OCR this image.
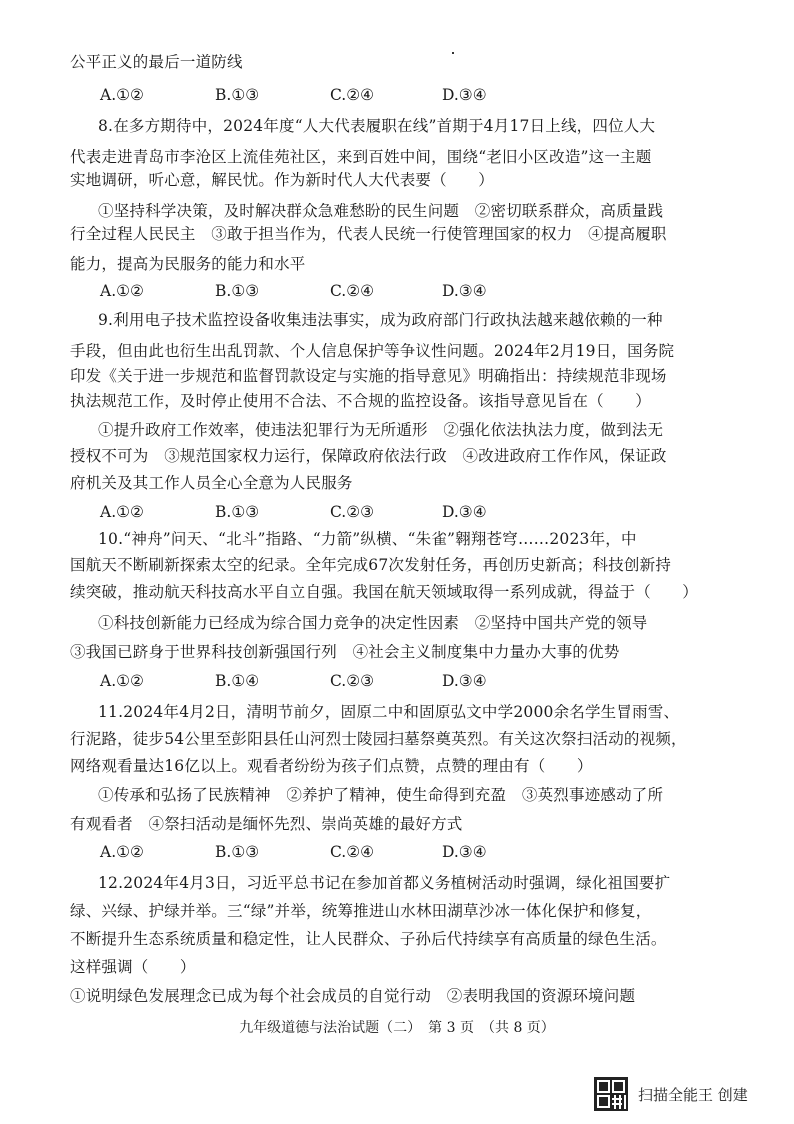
公平正义的最后一道防线
A.①②	B.①③	C.②④	D.③④
8.在多方期待中，2024年度“人大代表履职在线”首期于4月17日上线，四位人大
代表走进青岛市李沧区上流佳苑社区，来到百姓中间，围绕“老旧小区改造”这一主题
实地调研，听心意，解民忧。作为新时代人大代表要（　　）
①坚持科学决策，及时解决群众急难愁盼的民生问题　②密切联系群众，高质量践
行全过程人民民主　③敢于担当作为，代表人民统一行使管理国家的权力　④提高履职
能力，提高为民服务的能力和水平
A.①②	B.①③	C.②④	D.③④
9.利用电子技术监控设备收集违法事实，成为政府部门行政执法越来越依赖的一种
手段，但由此也衍生出乱罚款、个人信息保护等争议性问题。2024年2月19日，国务院
印发《关于进一步规范和监督罚款设定与实施的指导意见》明确指出：持续规范非现场
执法规范工作，及时停止使用不合法、不合规的监控设备。该指导意见旨在（　　）
①提升政府工作效率，使违法犯罪行为无所遁形　②强化依法执法力度，做到法无
授权不可为　③规范国家权力运行，保障政府依法行政　④改进政府工作作风，保证政
府机关及其工作人员全心全意为人民服务
A.①②	B.①③	C.②③	D.③④
10.“神舟”问天、“北斗”指路、“力箭”纵横、“朱雀”翱翔苍穹……2023年，中
国航天不断刷新探索太空的纪录。全年完成67次发射任务，再创历史新高；科技创新持
续突破，推动航天科技高水平自立自强。我国在航天领域取得一系列成就，得益于（　　）
①科技创新能力已经成为综合国力竞争的决定性因素　②坚持中国共产党的领导
③我国已跻身于世界科技创新强国行列　④社会主义制度集中力量办大事的优势
A.①②	B.①④	C.②③	D.③④
11.2024年4月2日，清明节前夕，固原二中和固原弘文中学2000余名学生冒雨雪、
行泥路，徒步54公里至彭阳县任山河烈士陵园扫墓祭奠英烈。有关这次祭扫活动的视频，
网络观看量达16亿以上。观看者纷纷为孩子们点赞，点赞的理由有（　　）
①传承和弘扬了民族精神　②养护了精神，使生命得到充盈　③英烈事迹感动了所
有观看者　④祭扫活动是缅怀先烈、崇尚英雄的最好方式
A.①②	B.①③	C.②④	D.③④
12.2024年4月3日，习近平总书记在参加首都义务植树活动时强调，绿化祖国要扩
绿、兴绿、护绿并举。三“绿”并举，统筹推进山水林田湖草沙冰一体化保护和修复，
不断提升生态系统质量和稳定性，让人民群众、子孙后代持续享有高质量的绿色生活。
这样强调（　　）
①说明绿色发展理念已成为每个社会成员的自觉行动　②表明我国的资源环境问题
九年级道德与法治试题（二）　第 3 页　（共 8 页）
扫描全能王 创建
